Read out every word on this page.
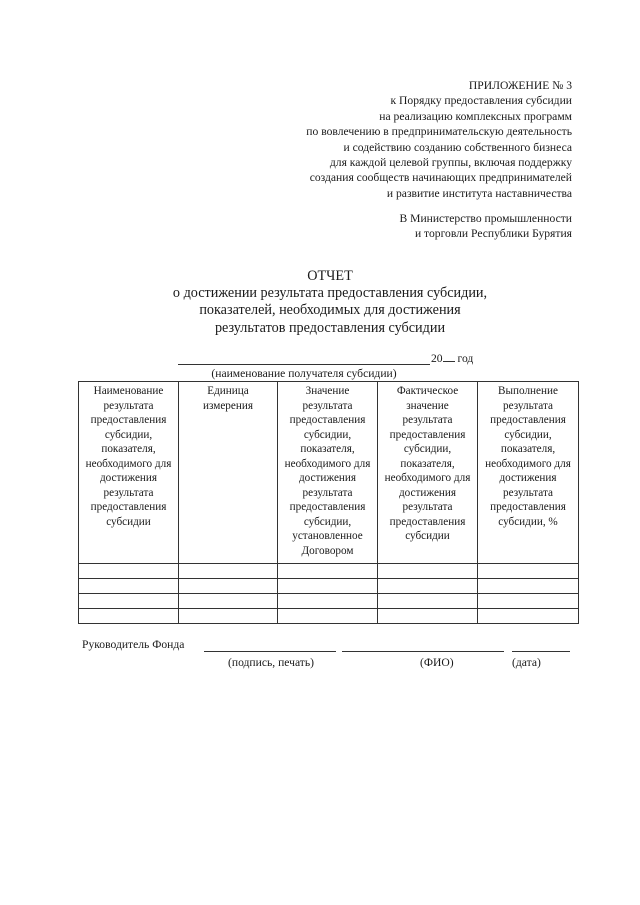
ПРИЛОЖЕНИЕ № 3
к Порядку предоставления субсидии
на реализацию комплексных программ
по вовлечению в предпринимательскую деятельность
и содействию созданию собственного бизнеса
для каждой целевой группы, включая поддержку
создания сообществ начинающих предпринимателей
и развитие института наставничества
В Министерство промышленности
и торговли Республики Бурятия
ОТЧЕТ
о достижении результата предоставления субсидии,
показателей, необходимых для достижения
результатов предоставления субсидии
20 год
(наименование получателя субсидии)
Наименование результата предоставления субсидии, показателя, необходимого для достижения результата предоставления субсидии	Единица измерения	Значение результата предоставления субсидии, показателя, необходимого для достижения результата предоставления субсидии, установленное Договором	Фактическое значение результата предоставления субсидии, показателя, необходимого для достижения результата предоставления субсидии	Выполнение результата предоставления субсидии, показателя, необходимого для достижения результата предоставления субсидии, %

Руководитель Фонда
(подпись, печать)	(ФИО)	(дата)
